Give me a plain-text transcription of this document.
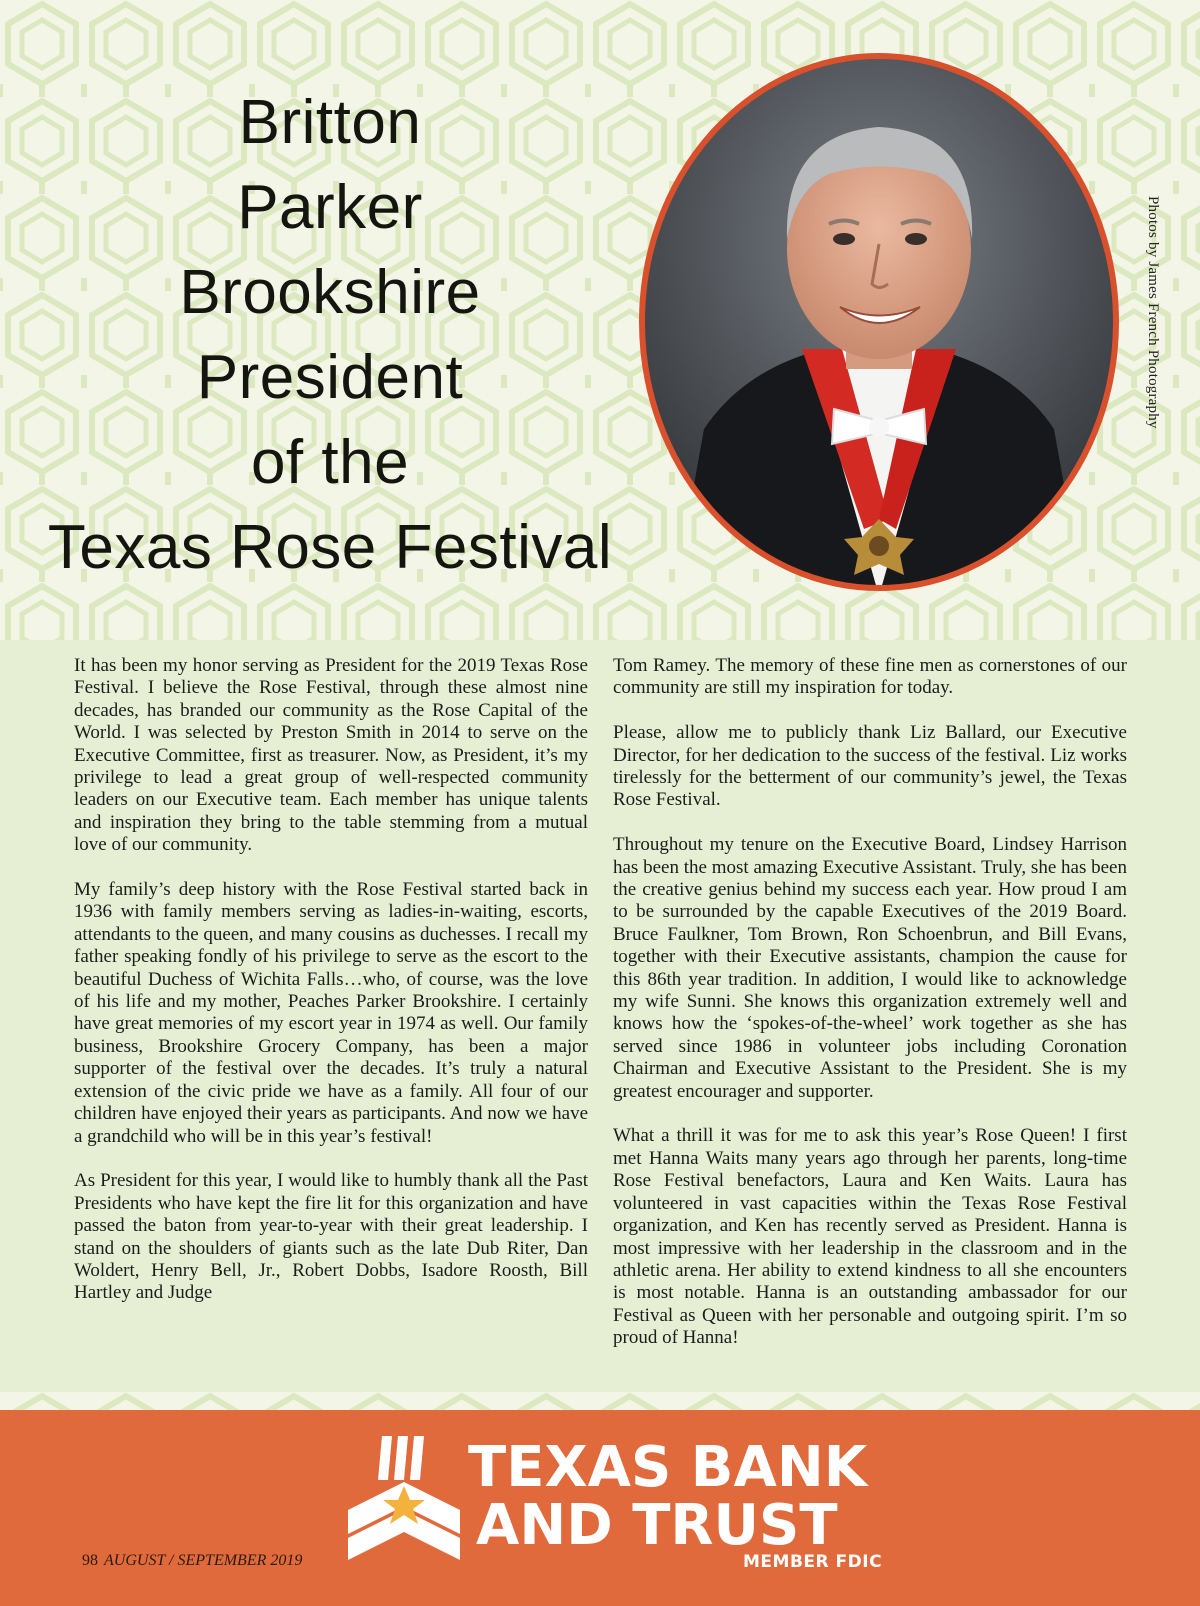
Britton
Parker
Brookshire
President
of the
Texas Rose Festival
Photos by James French Photography

It has been my honor serving as President for the 2019 Texas Rose Festival. I believe the Rose Festival, through these almost nine decades, has branded our community as the Rose Capital of the World. I was selected by Preston Smith in 2014 to serve on the Executive Committee, first as treasurer. Now, as President, it’s my privilege to lead a great group of well-respected community leaders on our Executive team. Each member has unique talents and inspiration they bring to the table stemming from a mutual love of our community.

My family’s deep history with the Rose Festival started back in 1936 with family members serving as ladies-in-waiting, escorts, attendants to the queen, and many cousins as duchesses. I recall my father speaking fondly of his privilege to serve as the escort to the beautiful Duchess of Wichita Falls…who, of course, was the love of his life and my mother, Peaches Parker Brookshire. I certainly have great memories of my escort year in 1974 as well. Our family business, Brookshire Grocery Company, has been a major supporter of the festival over the decades. It’s truly a natural extension of the civic pride we have as a family. All four of our children have enjoyed their years as participants. And now we have a grandchild who will be in this year’s festival!

As President for this year, I would like to humbly thank all the Past Presidents who have kept the fire lit for this organization and have passed the baton from year-to-year with their great leadership. I stand on the shoulders of giants such as the late Dub Riter, Dan Woldert, Henry Bell, Jr., Robert Dobbs, Isadore Roosth, Bill Hartley and Judge

Tom Ramey. The memory of these fine men as cornerstones of our community are still my inspiration for today.

Please, allow me to publicly thank Liz Ballard, our Executive Director, for her dedication to the success of the festival. Liz works tirelessly for the betterment of our community’s jewel, the Texas Rose Festival.

Throughout my tenure on the Executive Board, Lindsey Harrison has been the most amazing Executive Assistant. Truly, she has been the creative genius behind my success each year. How proud I am to be surrounded by the capable Executives of the 2019 Board. Bruce Faulkner, Tom Brown, Ron Schoenbrun, and Bill Evans, together with their Executive assistants, champion the cause for this 86th year tradition. In addition, I would like to acknowledge my wife Sunni. She knows this organization extremely well and knows how the ‘spokes-of-the-wheel’ work together as she has served since 1986 in volunteer jobs including Coronation Chairman and Executive Assistant to the President. She is my greatest encourager and supporter.

What a thrill it was for me to ask this year’s Rose Queen! I first met Hanna Waits many years ago through her parents, long-time Rose Festival benefactors, Laura and Ken Waits. Laura has volunteered in vast capacities within the Texas Rose Festival organization, and Ken has recently served as President. Hanna is most impressive with her leadership in the classroom and in the athletic arena. Her ability to extend kindness to all she encounters is most notable. Hanna is an outstanding ambassador for our Festival as Queen with her personable and outgoing spirit. I’m so proud of Hanna!

TEXAS BANK
AND TRUST
MEMBER FDIC
98 AUGUST / SEPTEMBER 2019
